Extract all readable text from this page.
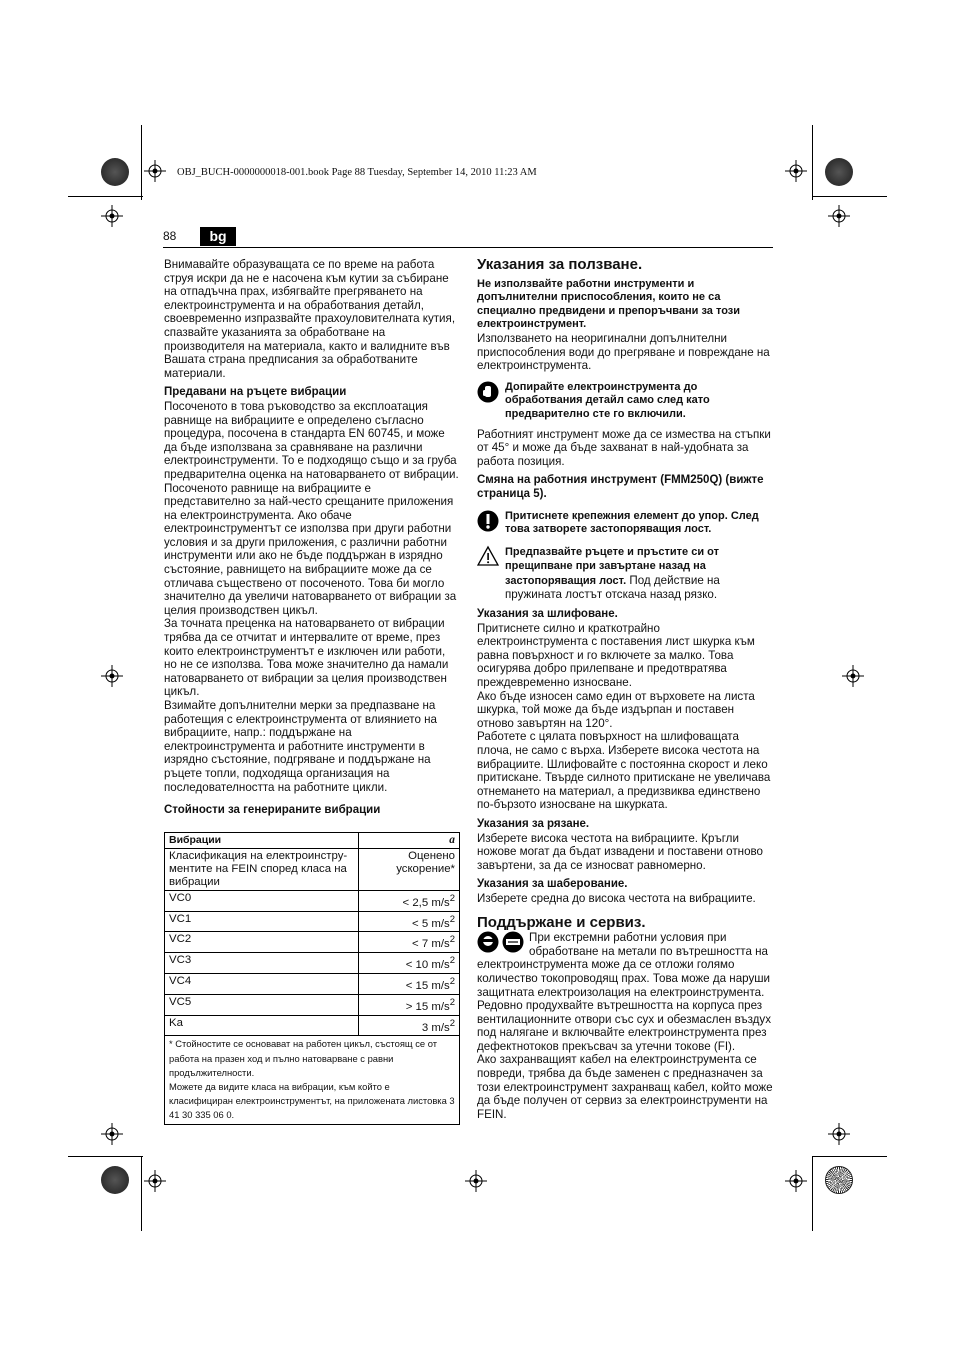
OBJ_BUCH-0000000018-001.book Page 88 Tuesday, September 14, 2010 11:23 AM
88	bg

Внимавайте образуващата се по време на работа струя искри да не е насочена към кутии за събиране на отпадъчна прах, избягвайте прегряването на електроинструмента и на обработвания детайл, своевременно изпразвайте прахоуловителната кутия, спазвайте указанията за обработване на производителя на материала, както и валидните във Вашата страна предписания за обработваните материали.

Предавани на ръцете вибрации

Посоченото в това ръководство за експлоатация равнище на вибрациите е определено съгласно процедура, посочена в стандарта EN 60745, и може да бъде използвана за сравняване на различни електроинструменти. То е подходящо също и за груба предварителна оценка на натоварването от вибрации.

Посоченото равнище на вибрациите е представително за най-често срещаните приложения на електроинструмента. Ако обаче електроинструментът се използва при други работни условия и за други приложения, с различни работни инструменти или ако не бъде поддържан в изрядно състояние, равнището на вибрациите може да се отличава съществено от посоченото. Това би могло значително да увеличи натоварването от вибрации за целия производствен цикъл.

За точната преценка на натоварването от вибрации трябва да се отчитат и интервалите от време, през които електроинструментът е изключен или работи, но не се използва. Това може значително да намали натоварването от вибрации за целия производствен цикъл.

Взимайте допълнителни мерки за предпазване на работещия с електроинструмента от влиянието на вибрациите, напр.: поддържане на електроинструмента и работните инструменти в изрядно състояние, подгряване и поддържане на ръцете топли, подходяща организация на последователността на работните цикли.

Стойности за генерираните вибрации

Вибрации	a
Класификация на електроинстру-ментите на FEIN според класа на вибрации	Оценено ускорение*
VC0	< 2,5 $m/s^2$
VC1	< 5 $m/s^2$
VC2	< 7 $m/s^2$
VC3	< 10 $m/s^2$
VC4	< 15 $m/s^2$
VC5	> 15 $m/s^2$
Ka	3 $m/s^2$

* Стойностите се основават на работен цикъл, състоящ се от работа на празен ход и пълно натоварване с равни продължителности.
Можете да видите класа на вибрации, към който е класифициран електроинструментът, на приложената листовка 3 41 30 335 06 0.	

Указания за ползване.

Не използвайте работни инструменти и допълнителни приспособления, които не са специално предвидени и препоръчвани за този електроинструмент.

Използването на неоригинални допълнителни приспособления води до прегряване и повреждане на електроинструмента.

Допирайте електроинструмента до обработвания детайл само след като предварително сте го включили.

Работният инструмент може да се измества на стъпки от 45° и може да бъде захванат в най-удобната за работа позиция.

Смяна на работния инструмент (FMM250Q) (вижте страница 5).

Притиснете крепежния елемент до упор. След това затворете застопоряващия лост.

Предпазвайте ръцете и пръстите си от прещипване при завъртане назад на застопоряващия лост. Под действие на пружината лостът отскача назад рязко.

Указания за шлифоване.

Притиснете силно и краткотрайно електроинструмента с поставения лист шкурка към равна повърхност и го включете за малко. Това осигурява добро прилепване и предотвратява преждевременно износване.

Ако бъде износен само един от върховете на листа шкурка, той може да бъде издърпан и поставен отново завъртян на 120°.

Работете с цялата повърхност на шлифоващата плоча, не само с върха. Изберете висока честота на вибрациите. Шлифовайте с постоянна скорост и леко притискане. Твърде силното притискане не увеличава отнемането на материал, а предизвиква единствено по-бързото износване на шкурката.

Указания за рязане.

Изберете висока честота на вибрациите. Кръгли ножове могат да бъдат извадени и поставени отново завъртени, за да се износват равномерно.

Указания за шаберование.

Изберете средна до висока честота на вибрациите.

Поддържане и сервиз.

При екстремни работни условия при обработване на метали по вътрешността на електроинструмента може да се отложи голямо количество токопроводящ прах. Това може да наруши защитната електроизолация на електроинструмента. Редовно продухвайте вътрешността на корпуса през вентилационните отвори със сух и обезмаслен въздух под налягане и включвайте електроинструмента през дефектнотоков прекъсвач за утечни токове (FI).

Ако захранващият кабел на електроинструмента се повреди, трябва да бъде заменен с предназначен за този електроинструмент захранващ кабел, който може да бъде получен от сервиз за електроинструменти на FEIN.
